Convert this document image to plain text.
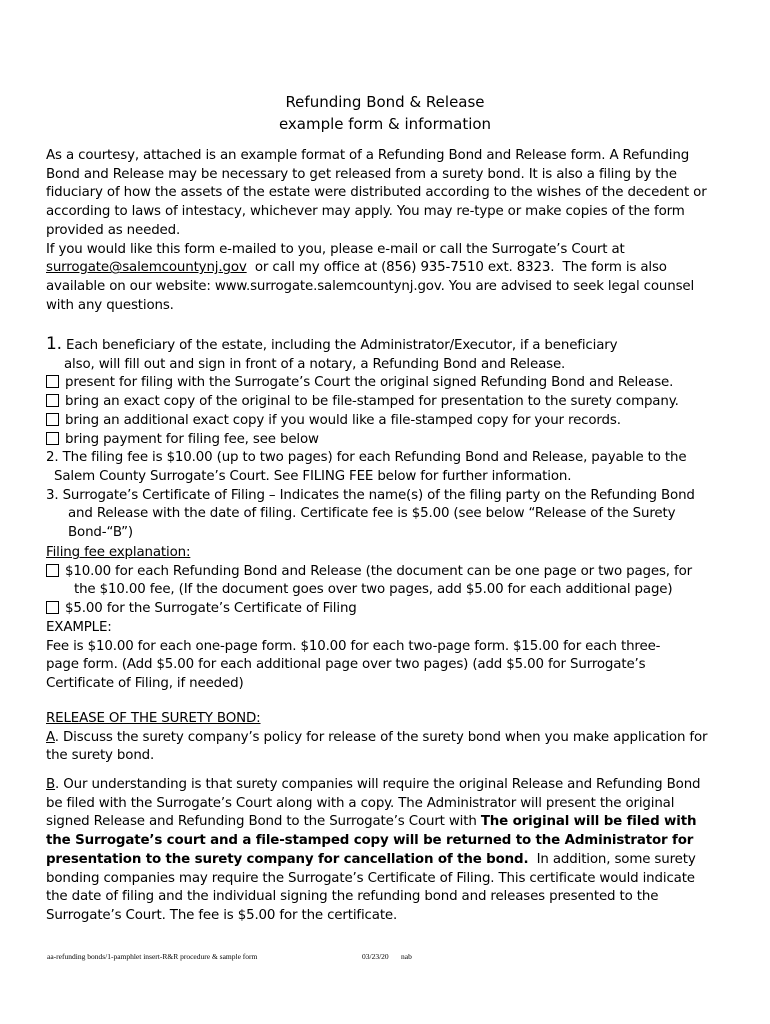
Refunding Bond & Release
example form & information
As a courtesy, attached is an example format of a Refunding Bond and Release form. A Refunding
Bond and Release may be necessary to get released from a surety bond. It is also a filing by the
fiduciary of how the assets of the estate were distributed according to the wishes of the decedent or
according to laws of intestacy, whichever may apply. You may re-type or make copies of the form
provided as needed.
If you would like this form e-mailed to you, please e-mail or call the Surrogate’s Court at
surrogate@salemcountynj.gov  or call my office at (856) 935-7510 ext. 8323.  The form is also
available on our website: www.surrogate.salemcountynj.gov. You are advised to seek legal counsel
with any questions.
1. Each beneficiary of the estate, including the Administrator/Executor, if a beneficiary
also, will fill out and sign in front of a notary, a Refunding Bond and Release.
present for filing with the Surrogate’s Court the original signed Refunding Bond and Release.
bring an exact copy of the original to be file-stamped for presentation to the surety company.
bring an additional exact copy if you would like a file-stamped copy for your records.
bring payment for filing fee, see below
2. The filing fee is $10.00 (up to two pages) for each Refunding Bond and Release, payable to the
Salem County Surrogate’s Court. See FILING FEE below for further information.
3. Surrogate’s Certificate of Filing – Indicates the name(s) of the filing party on the Refunding Bond
and Release with the date of filing. Certificate fee is $5.00 (see below “Release of the Surety
Bond-“B”)
Filing fee explanation:
$10.00 for each Refunding Bond and Release (the document can be one page or two pages, for
the $10.00 fee, (If the document goes over two pages, add $5.00 for each additional page)
$5.00 for the Surrogate’s Certificate of Filing
EXAMPLE:
Fee is $10.00 for each one-page form. $10.00 for each two-page form. $15.00 for each three-
page form. (Add $5.00 for each additional page over two pages) (add $5.00 for Surrogate’s
Certificate of Filing, if needed)
RELEASE OF THE SURETY BOND:
A. Discuss the surety company’s policy for release of the surety bond when you make application for
the surety bond.
B. Our understanding is that surety companies will require the original Release and Refunding Bond
be filed with the Surrogate’s Court along with a copy. The Administrator will present the original
signed Release and Refunding Bond to the Surrogate’s Court with The original will be filed with
the Surrogate’s court and a file-stamped copy will be returned to the Administrator for
presentation to the surety company for cancellation of the bond.  In addition, some surety
bonding companies may require the Surrogate’s Certificate of Filing. This certificate would indicate
the date of filing and the individual signing the refunding bond and releases presented to the
Surrogate’s Court. The fee is $5.00 for the certificate.
aa-refunding bonds/1-pamphlet insert-R&R procedure & sample form	03/23/20 nab
